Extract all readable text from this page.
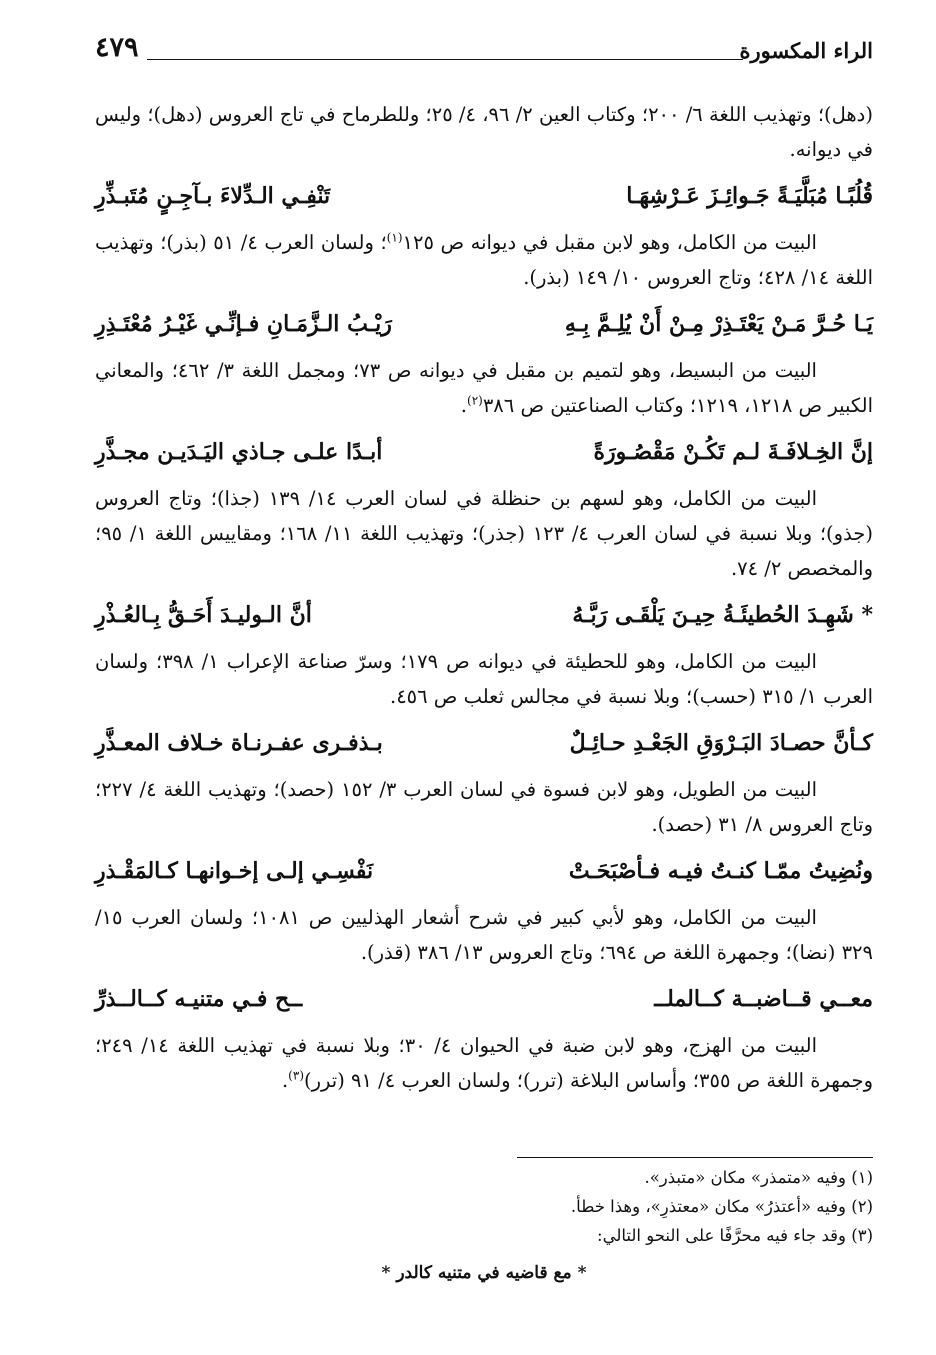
الراء المكسورة
٤٧٩

(دهل)؛ وتهذيب اللغة ٦/ ٢٠٠؛ وكتاب العين ٢/ ٩٦، ٤/ ٢٥؛ وللطرماح في تاج العروس (دهل)؛ وليس في ديوانه.

قُلُبًـا مُبَلَّيَـةً جَـوائِـزَ عَـرْشِهَـا
تَنْفِـي الـدِّلاءَ بـآجِـنٍ مُتَبـذِّرِ

البيت من الكامل، وهو لابن مقبل في ديوانه ص ١٢٥$^{(١)}$؛ ولسان العرب ٤/ ٥١ (بذر)؛ وتهذيب اللغة ١٤/ ٤٢٨؛ وتاج العروس ١٠/ ١٤٩ (بذر).

يَـا حُـرَّ مَـنْ يَعْتَـذِرْ مِـنْ أَنْ يُلِـمَّ بِـهِ
رَيْـبُ الـزَّمَـانِ فـإنِّـي غَيْـرُ مُعْتَـذِرِ

البيت من البسيط، وهو لتميم بن مقبل في ديوانه ص ٧٣؛ ومجمل اللغة ٣/ ٤٦٢؛ والمعاني الكبير ص ١٢١٨، ١٢١٩؛ وكتاب الصناعتين ص ٣٨٦$^{(٢)}$.

إنَّ الخِـلافَـةَ لـم تَكُـنْ مَقْصُـورَةً
أبـدًا علـى جـاذي اليَـدَيـن مجـذَّرِ

البيت من الكامل، وهو لسهم بن حنظلة في لسان العرب ١٤/ ١٣٩ (جذا)؛ وتاج العروس (جذو)؛ وبلا نسبة في لسان العرب ٤/ ١٢٣ (جذر)؛ وتهذيب اللغة ١١/ ١٦٨؛ ومقاييس اللغة ١/ ٩٥؛ والمخصص ٢/ ٧٤.

* شَهِـدَ الحُطيئَـةُ حِيـنَ يَلْقَـى رَبَّـهُ
أنَّ الـوليـدَ أَحَـقُّ بِـالعُـذْرِ

البيت من الكامل، وهو للحطيئة في ديوانه ص ١٧٩؛ وسرّ صناعة الإعراب ١/ ٣٩٨؛ ولسان العرب ١/ ٣١٥ (حسب)؛ وبلا نسبة في مجالس ثعلب ص ٤٥٦.

كـأنَّ حصـادَ البَـرْوَقِ الجَعْـدِ حـائِـلٌ
بـذفـرى عفـرنـاة خـلاف المعـذَّرِ

البيت من الطويل، وهو لابن فسوة في لسان العرب ٣/ ١٥٢ (حصد)؛ وتهذيب اللغة ٤/ ٢٢٧؛ وتاج العروس ٨/ ٣١ (حصد).

ونُضِيتُ ممّـا كنـتُ فيـه فـأصْبَحَـتْ
نَفْسِـي إلـى إخـوانهـا كـالمَقْـذرِ

البيت من الكامل، وهو لأبي كبير في شرح أشعار الهذليين ص ١٠٨١؛ ولسان العرب ١٥/ ٣٢٩ (نضا)؛ وجمهرة اللغة ص ٦٩٤؛ وتاج العروس ١٣/ ٣٨٦ (قذر).

معــي قــاضبــة كــالملــ
ــح فـي متنيـه كــالــذرِّ

البيت من الهزج، وهو لابن ضبة في الحيوان ٤/ ٣٠؛ وبلا نسبة في تهذيب اللغة ١٤/ ٢٤٩؛ وجمهرة اللغة ص ٣٥٥؛ وأساس البلاغة (ترر)؛ ولسان العرب ٤/ ٩١ (ترر)$^{(٣)}$.

(١) وفيه «متمذر» مكان «متبذر».

(٢) وفيه «أعتذرُ» مكان «معتذرِ»، وهذا خطأ.

(٣) وقد جاء فيه محرَّفًا على النحو التالي:

* مع قاضيه في متنيه كالدر *
